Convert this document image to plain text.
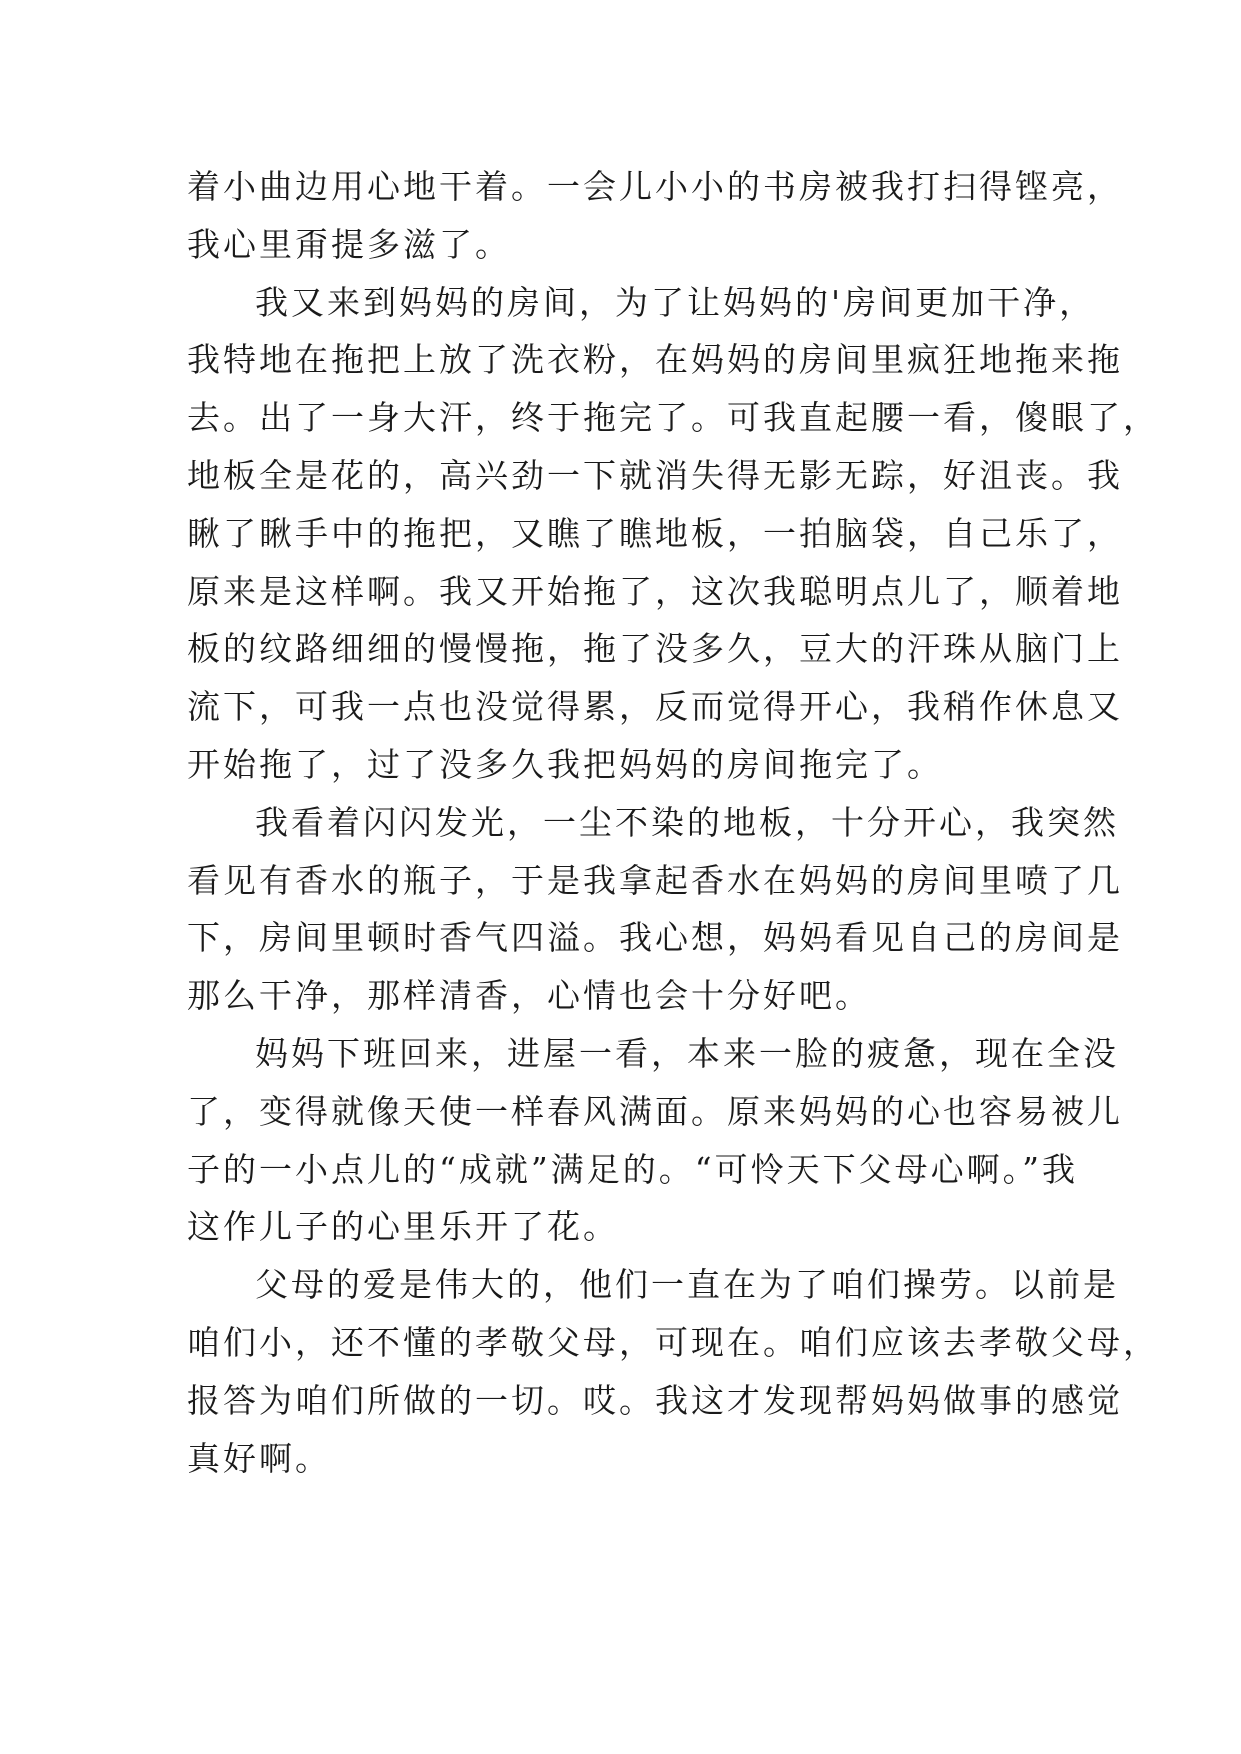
着小曲边用心地干着。一会儿小小的书房被我打扫得铿亮，
我心里甭提多滋了。
我又来到妈妈的房间，为了让妈妈的'房间更加干净，
我特地在拖把上放了洗衣粉，在妈妈的房间里疯狂地拖来拖
去。出了一身大汗，终于拖完了。可我直起腰一看，傻眼了，
地板全是花的，高兴劲一下就消失得无影无踪，好沮丧。我
瞅了瞅手中的拖把，又瞧了瞧地板，一拍脑袋，自己乐了，
原来是这样啊。我又开始拖了，这次我聪明点儿了，顺着地
板的纹路细细的慢慢拖，拖了没多久，豆大的汗珠从脑门上
流下，可我一点也没觉得累，反而觉得开心，我稍作休息又
开始拖了，过了没多久我把妈妈的房间拖完了。
我看着闪闪发光，一尘不染的地板，十分开心，我突然
看见有香水的瓶子，于是我拿起香水在妈妈的房间里喷了几
下，房间里顿时香气四溢。我心想，妈妈看见自己的房间是
那么干净，那样清香，心情也会十分好吧。
妈妈下班回来，进屋一看，本来一脸的疲惫，现在全没
了，变得就像天使一样春风满面。原来妈妈的心也容易被儿
子的一小点儿的“成就”满足的。“可怜天下父母心啊。”我
这作儿子的心里乐开了花。
父母的爱是伟大的，他们一直在为了咱们操劳。以前是
咱们小，还不懂的孝敬父母，可现在。咱们应该去孝敬父母，
报答为咱们所做的一切。哎。我这才发现帮妈妈做事的感觉
真好啊。
